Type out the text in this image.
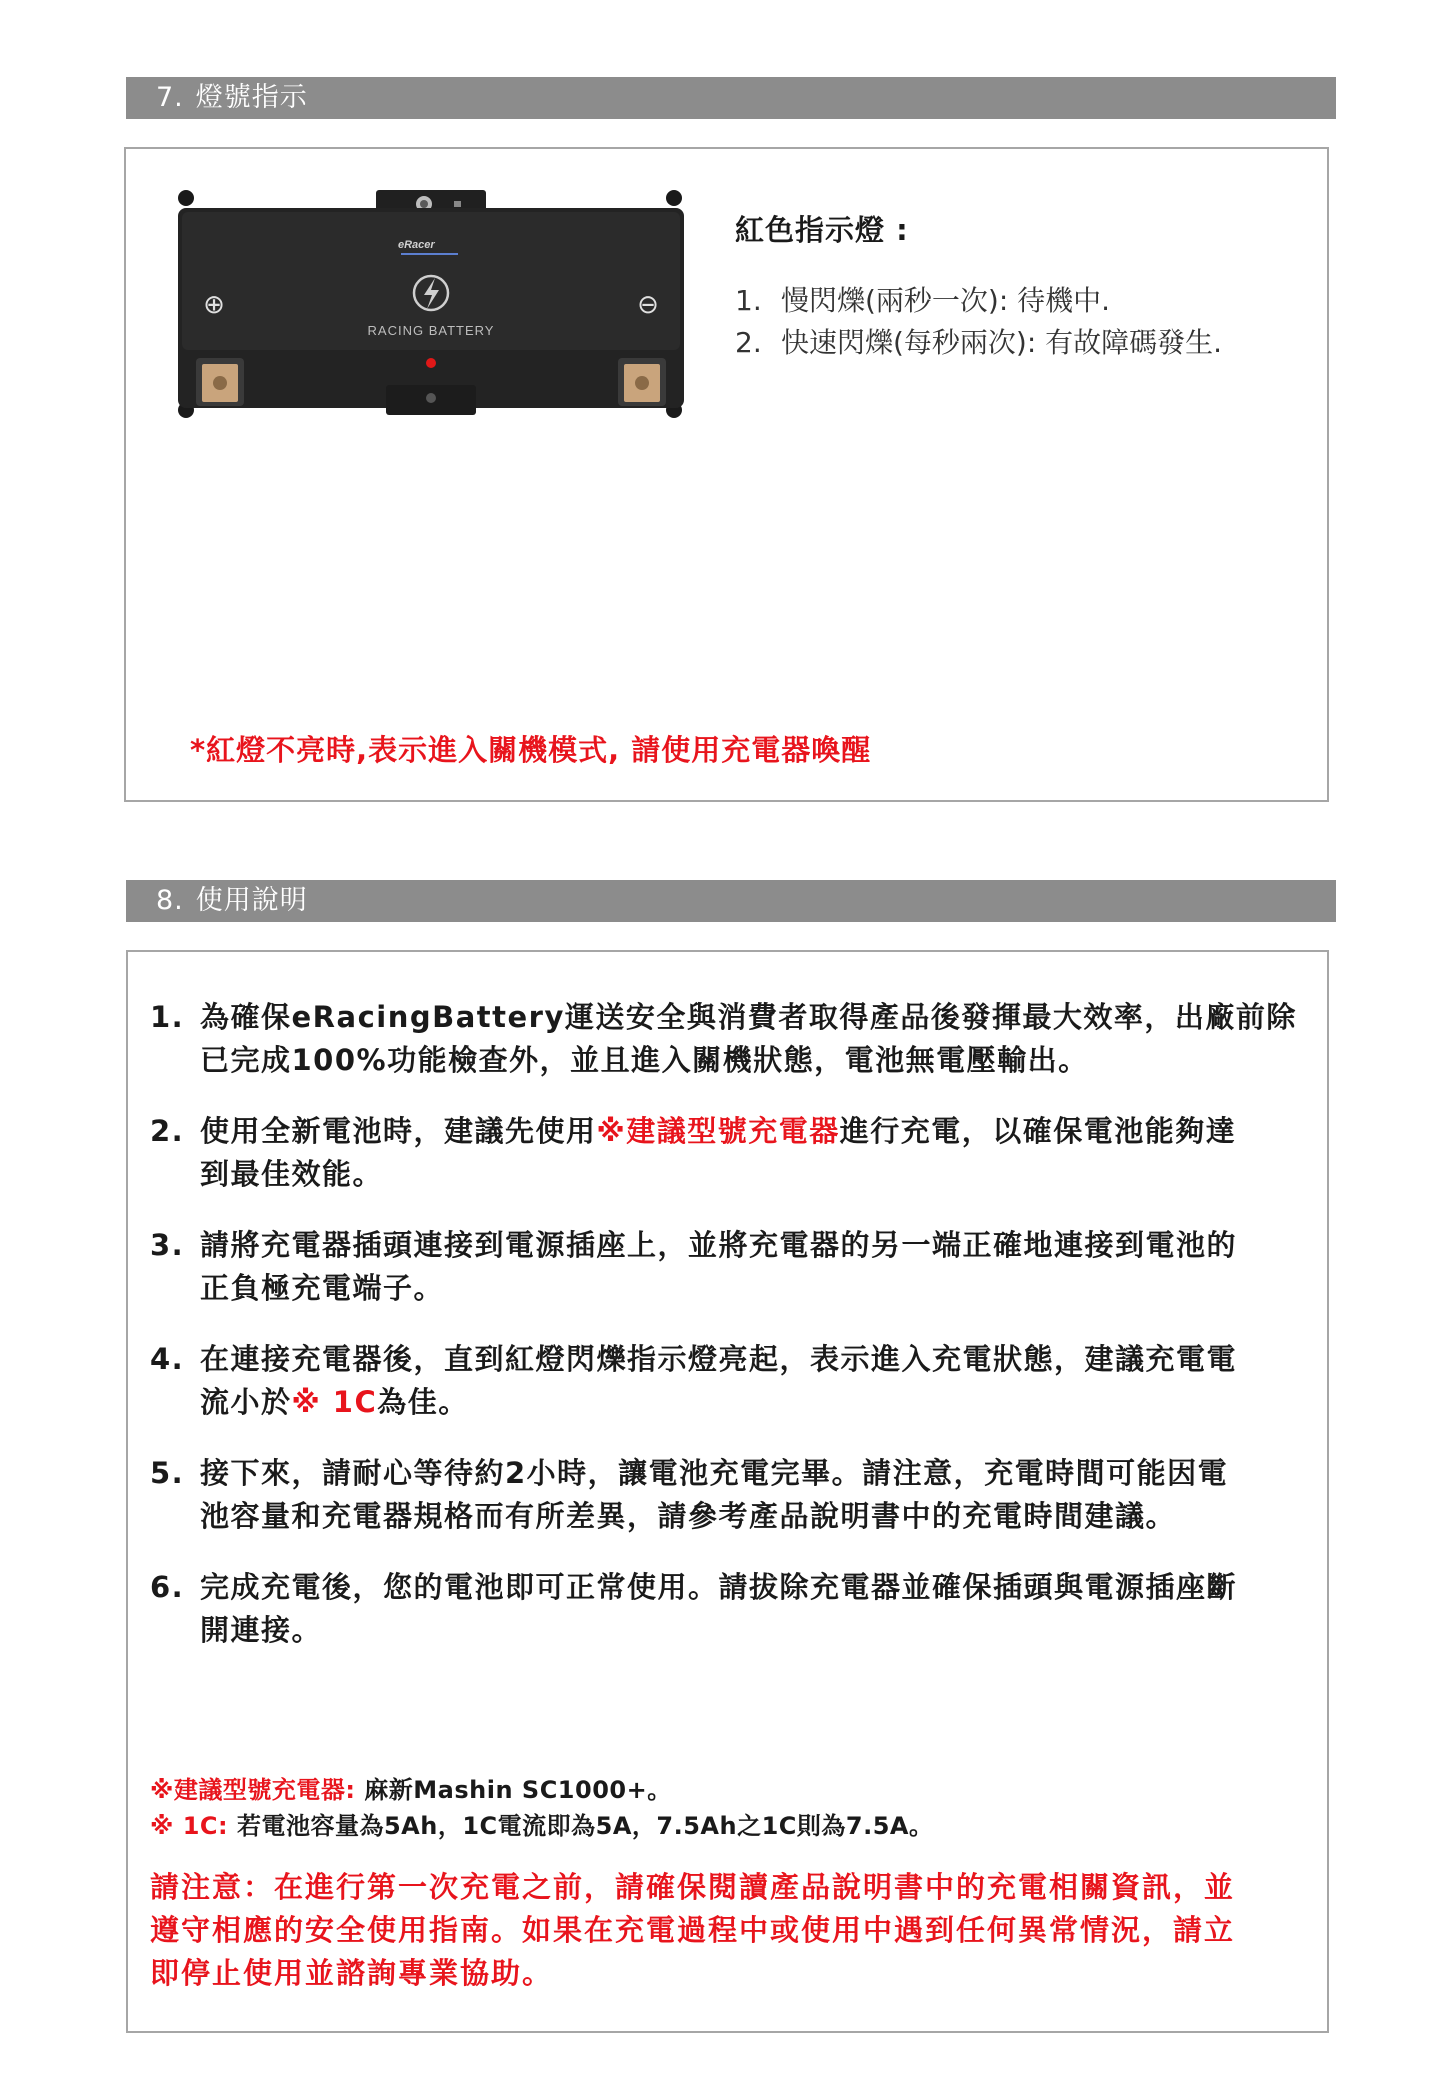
7. 燈號指示
eRacer
RACING BATTERY
⊕	⊖
紅色指示燈 :
1. 慢閃爍(兩秒一次): 待機中.
2. 快速閃爍(每秒兩次): 有故障碼發生.
*紅燈不亮時,表示進入關機模式, 請使用充電器喚醒
8. 使用說明
1. 為確保eRacingBattery運送安全與消費者取得產品後發揮最大效率，出廠前除
已完成100%功能檢查外，並且進入關機狀態，電池無電壓輸出。
2. 使用全新電池時，建議先使用※建議型號充電器進行充電，以確保電池能夠達
到最佳效能。
3. 請將充電器插頭連接到電源插座上，並將充電器的另一端正確地連接到電池的
正負極充電端子。
4. 在連接充電器後，直到紅燈閃爍指示燈亮起，表示進入充電狀態，建議充電電
流小於※ 1C為佳。
5. 接下來，請耐心等待約2小時，讓電池充電完畢。請注意，充電時間可能因電
池容量和充電器規格而有所差異，請參考產品說明書中的充電時間建議。
6. 完成充電後，您的電池即可正常使用。請拔除充電器並確保插頭與電源插座斷
開連接。
※建議型號充電器: 麻新Mashin SC1000+。
※ 1C: 若電池容量為5Ah，1C電流即為5A，7.5Ah之1C則為7.5A。
請注意：在進行第一次充電之前，請確保閱讀產品說明書中的充電相關資訊，並
遵守相應的安全使用指南。如果在充電過程中或使用中遇到任何異常情況，請立
即停止使用並諮詢專業協助。
